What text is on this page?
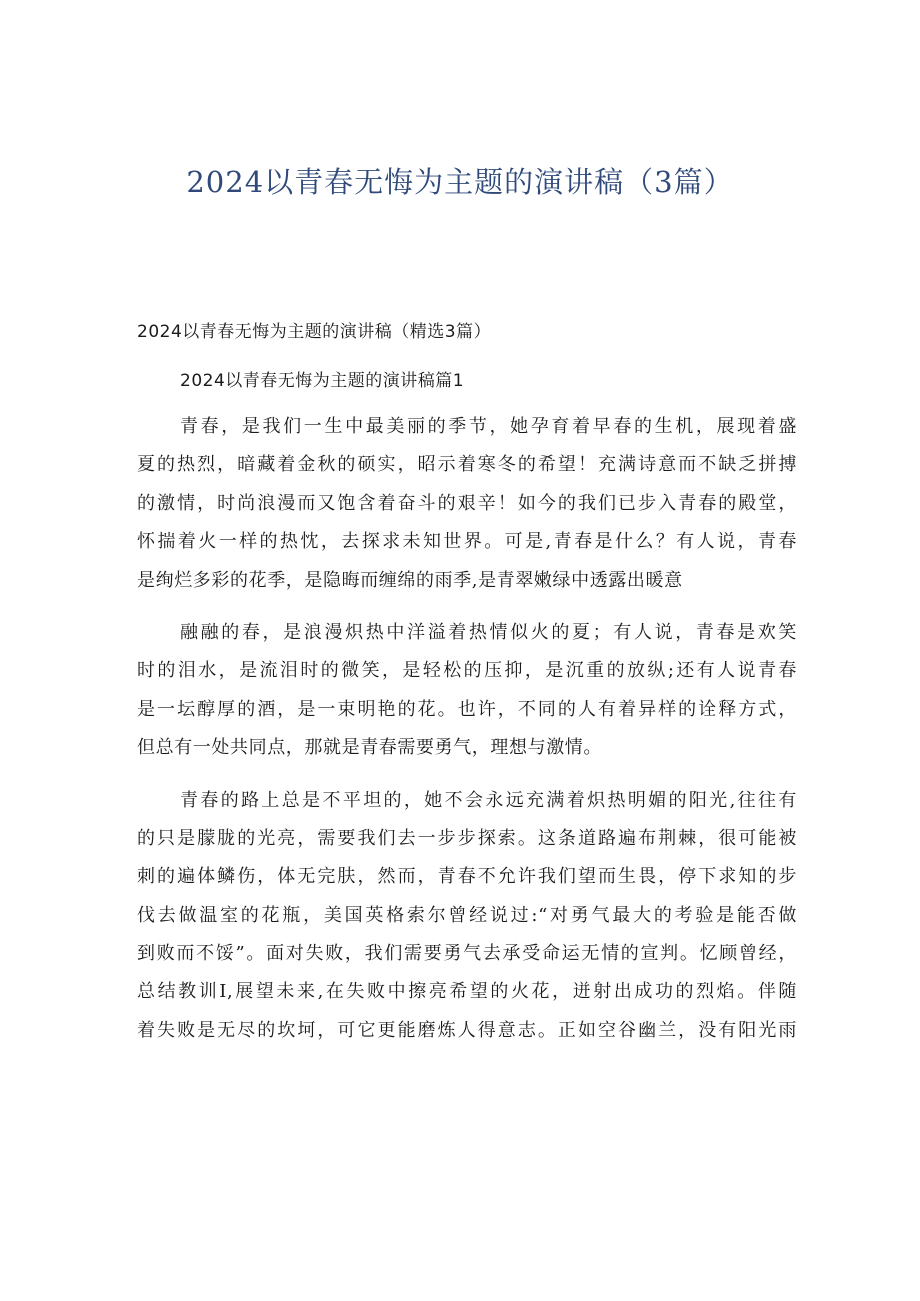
2024以青春无悔为主题的演讲稿（3篇）
2024以青春无悔为主题的演讲稿（精选3篇）
2024以青春无悔为主题的演讲稿篇1
青春，是我们一生中最美丽的季节，她孕育着早春的生机，展现着盛
夏的热烈，暗藏着金秋的硕实，昭示着寒冬的希望！充满诗意而不缺乏拼搏
的激情，时尚浪漫而又饱含着奋斗的艰辛！如今的我们已步入青春的殿堂，
怀揣着火一样的热忱，去探求未知世界。可是,青春是什么？有人说，青春
是绚烂多彩的花季，是隐晦而缠绵的雨季,是青翠嫩绿中透露出暖意
融融的春，是浪漫炽热中洋溢着热情似火的夏；有人说，青春是欢笑
时的泪水，是流泪时的微笑，是轻松的压抑，是沉重的放纵;还有人说青春
是一坛醇厚的酒，是一束明艳的花。也许，不同的人有着异样的诠释方式，
但总有一处共同点，那就是青春需要勇气，理想与激情。
青春的路上总是不平坦的，她不会永远充满着炽热明媚的阳光,往往有
的只是朦胧的光亮，需要我们去一步步探索。这条道路遍布荆棘，很可能被
刺的遍体鳞伤，体无完肤，然而，青春不允许我们望而生畏，停下求知的步
伐去做温室的花瓶，美国英格索尔曾经说过:“对勇气最大的考验是能否做
到败而不馁”。面对失败，我们需要勇气去承受命运无情的宣判。忆顾曾经，
总结教训I,展望未来,在失败中擦亮希望的火花，迸射出成功的烈焰。伴随
着失败是无尽的坎坷，可它更能磨炼人得意志。正如空谷幽兰，没有阳光雨
